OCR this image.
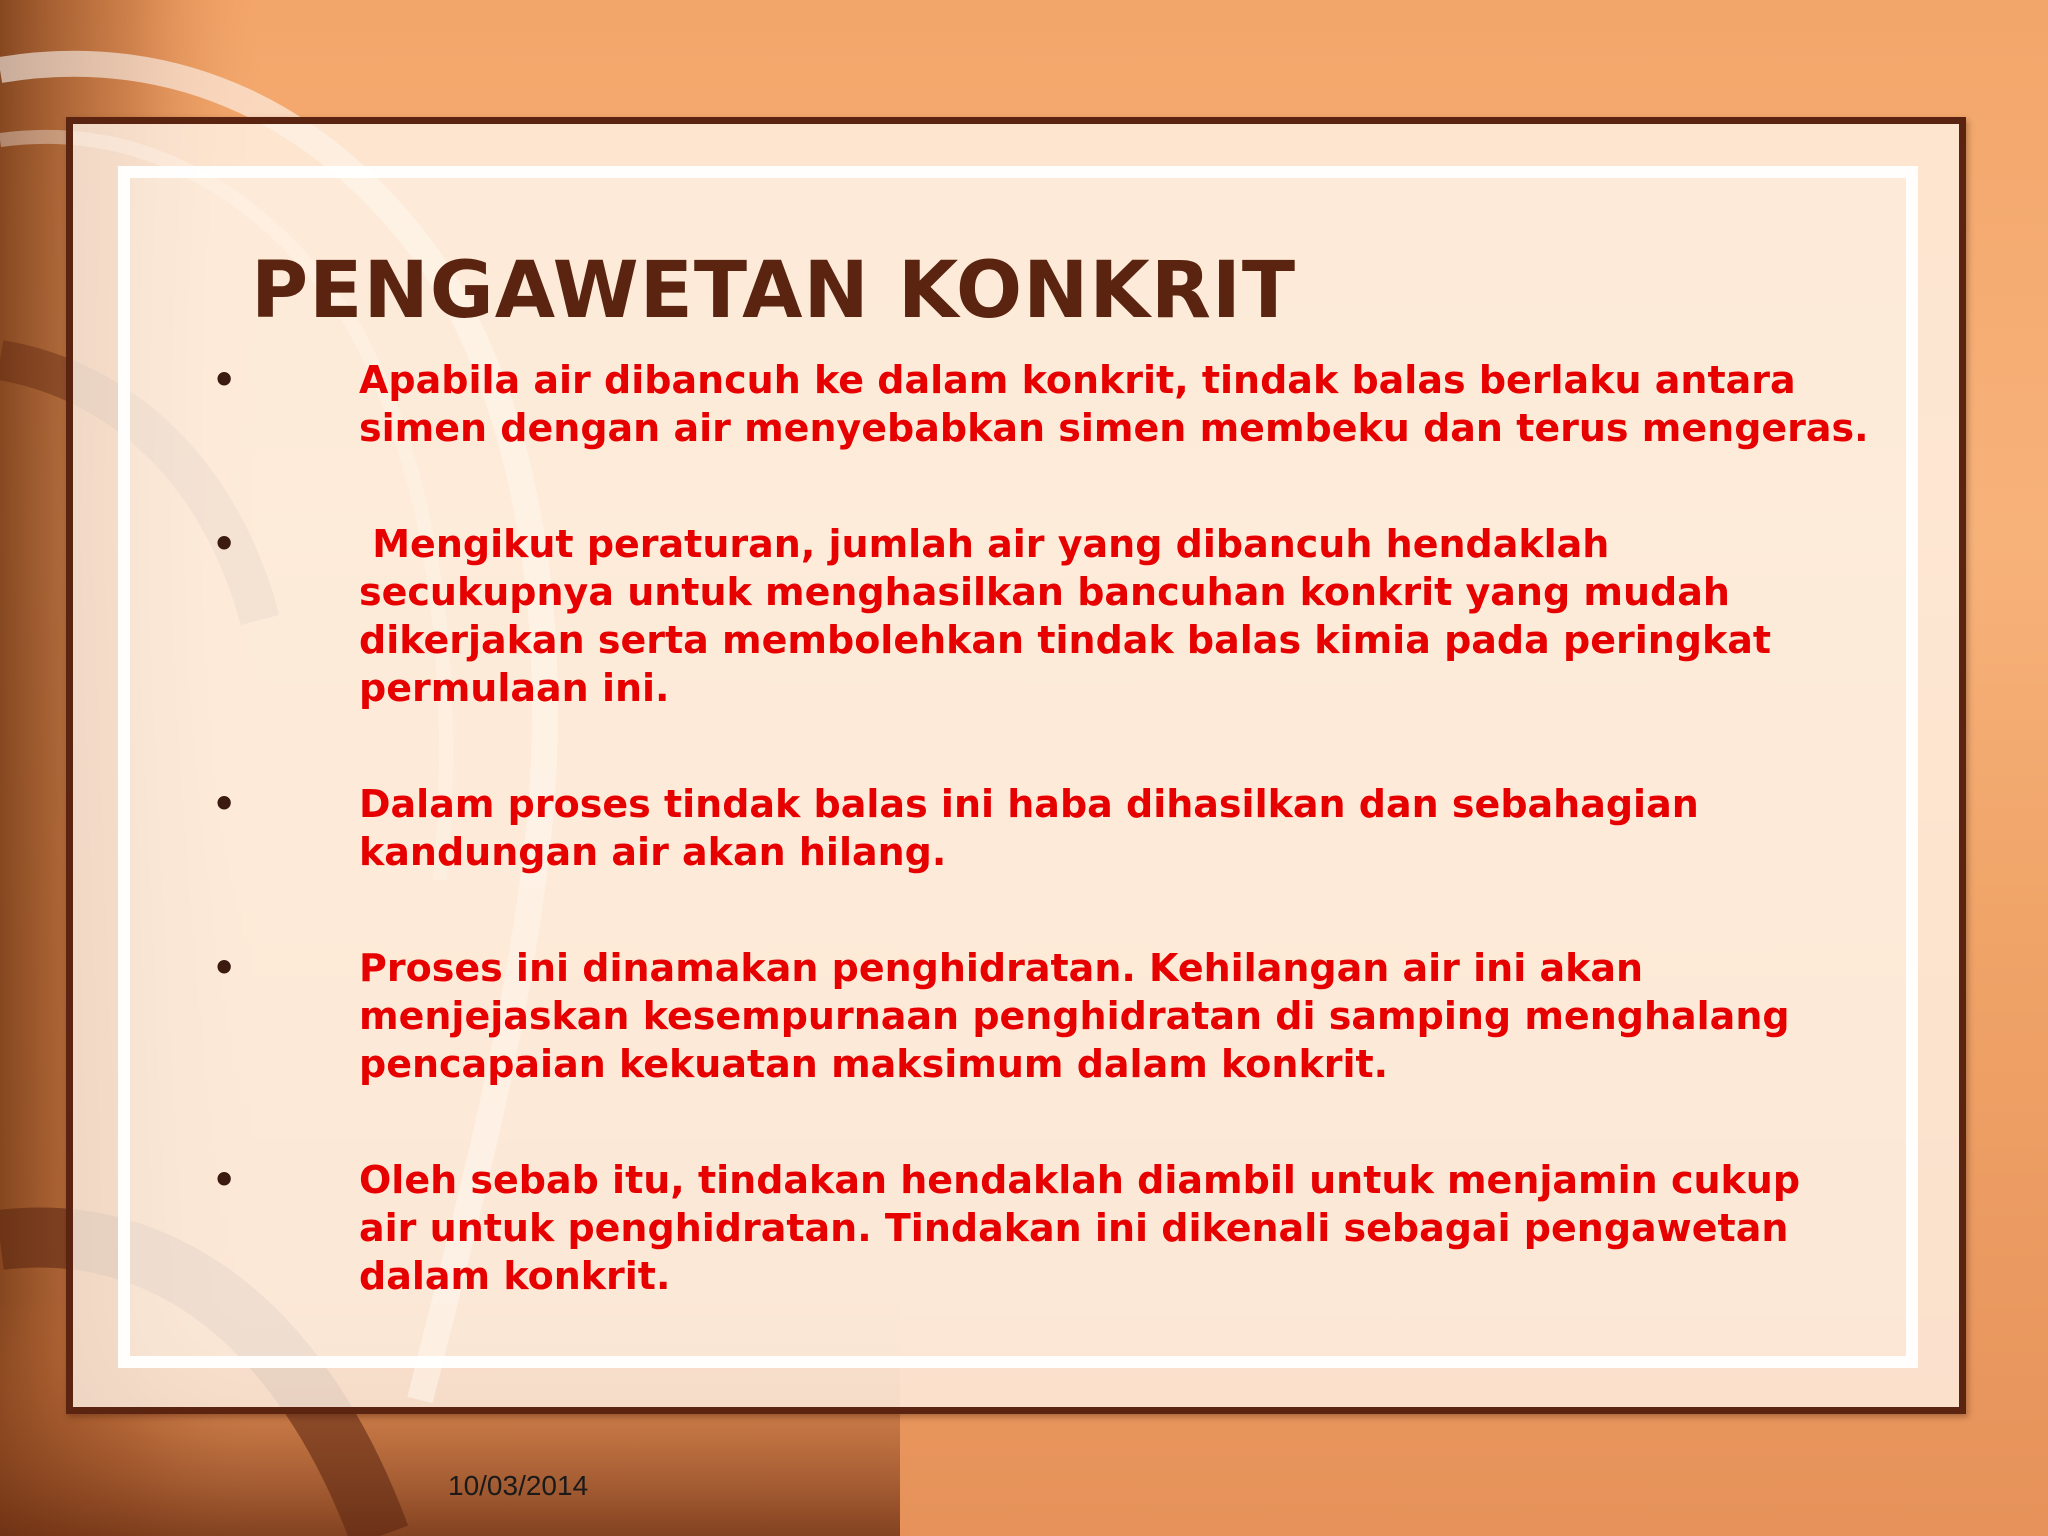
PENGAWETAN KONKRIT
•	Apabila air dibancuh ke dalam konkrit, tindak balas berlaku antara
simen dengan air menyebabkan simen membeku dan terus mengeras.
•	Mengikut peraturan, jumlah air yang dibancuh hendaklah
secukupnya untuk menghasilkan bancuhan konkrit yang mudah
dikerjakan serta membolehkan tindak balas kimia pada peringkat
permulaan ini.
•	Dalam proses tindak balas ini haba dihasilkan dan sebahagian
kandungan air akan hilang.
•	Proses ini dinamakan penghidratan. Kehilangan air ini akan
menjejaskan kesempurnaan penghidratan di samping menghalang
pencapaian kekuatan maksimum dalam konkrit.
•	Oleh sebab itu, tindakan hendaklah diambil untuk menjamin cukup
air untuk penghidratan. Tindakan ini dikenali sebagai pengawetan
dalam konkrit.
10/03/2014
